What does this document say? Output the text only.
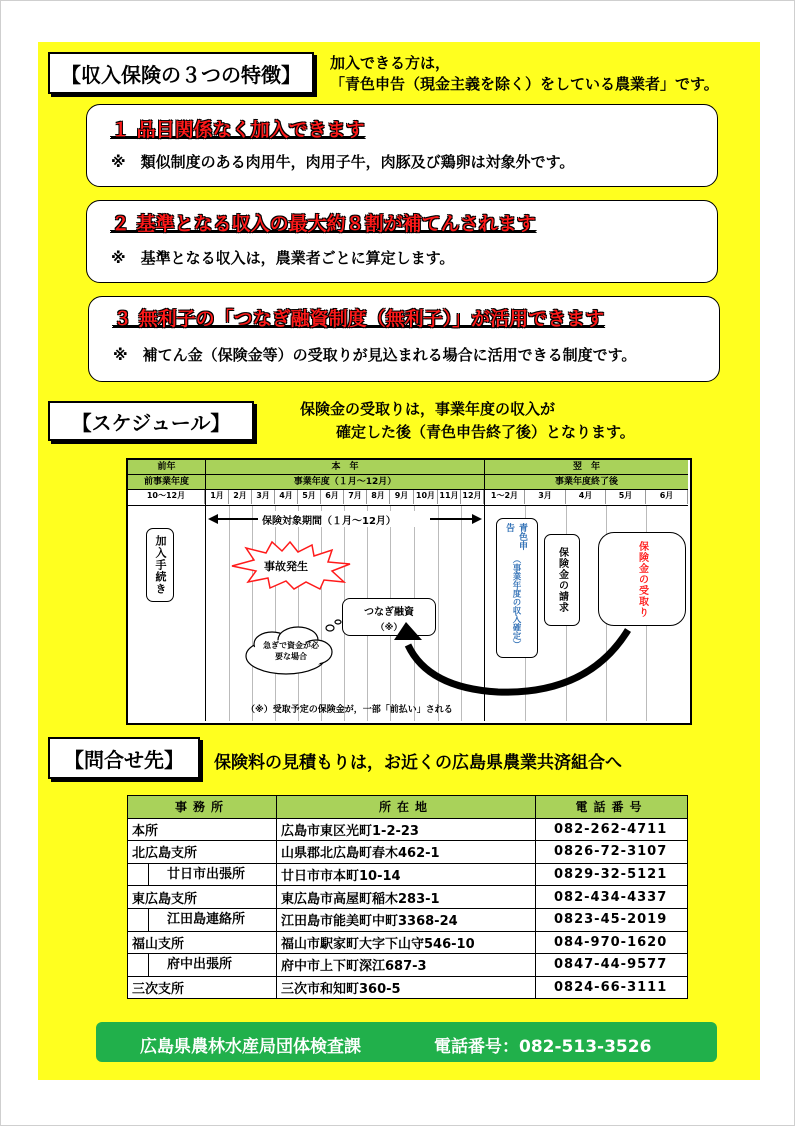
【収入保険の３つの特徴】	加入できる方は，
「青色申告（現金主義を除く）をしている農業者」です。
１ 品目関係なく加入できます
※　類似制度のある肉用牛，肉用子牛，肉豚及び鶏卵は対象外です。
２ 基準となる収入の最大約８割が補てんされます
※　基準となる収入は，農業者ごとに算定します。
３ 無利子の「つなぎ融資制度（無利子）」が活用できます
※　補てん金（保険金等）の受取りが見込まれる場合に活用できる制度です。
【スケジュール】
保険金の受取りは，事業年度の収入が
確定した後（青色申告終了後）となります。
前年	本　年	翌　年
前事業年度	事業年度（１月～12月）	事業年度終了後
10～12月	1月	2月	3月	4月	5月	6月	7月	8月	9月 10月 11月 12月	1～2月	3月	4月	5月	6月
保険対象期間（１月～12月）
加入手続き	事故発生
つなぎ融資
（※）
急ぎで資金が必要な場合
青色申告
（事業年度の収入確定）	保険金の請求	保険金の受取り
（※）受取予定の保険金が，一部「前払い」される
【問合せ先】	保険料の見積もりは，お近くの広島県農業共済組合へ
事務所	所在地	電話番号
本所	広島市東区光町1-2-23	082-262-4711
北広島支所	山県郡北広島町春木462-1	0826-72-3107

廿日市出張所	廿日市市本町10-14	0829-32-5121
東広島支所	東広島市高屋町稲木283-1	082-434-4337

江田島連絡所	江田島市能美町中町3368-24	0823-45-2019
福山支所	福山市駅家町大字下山守546-10	084-970-1620

府中出張所	府中市上下町深江687-3	0847-44-9577
三次支所	三次市和知町360-5	0824-66-3111
広島県農林水産局団体検査課	電話番号：082-513-3526
